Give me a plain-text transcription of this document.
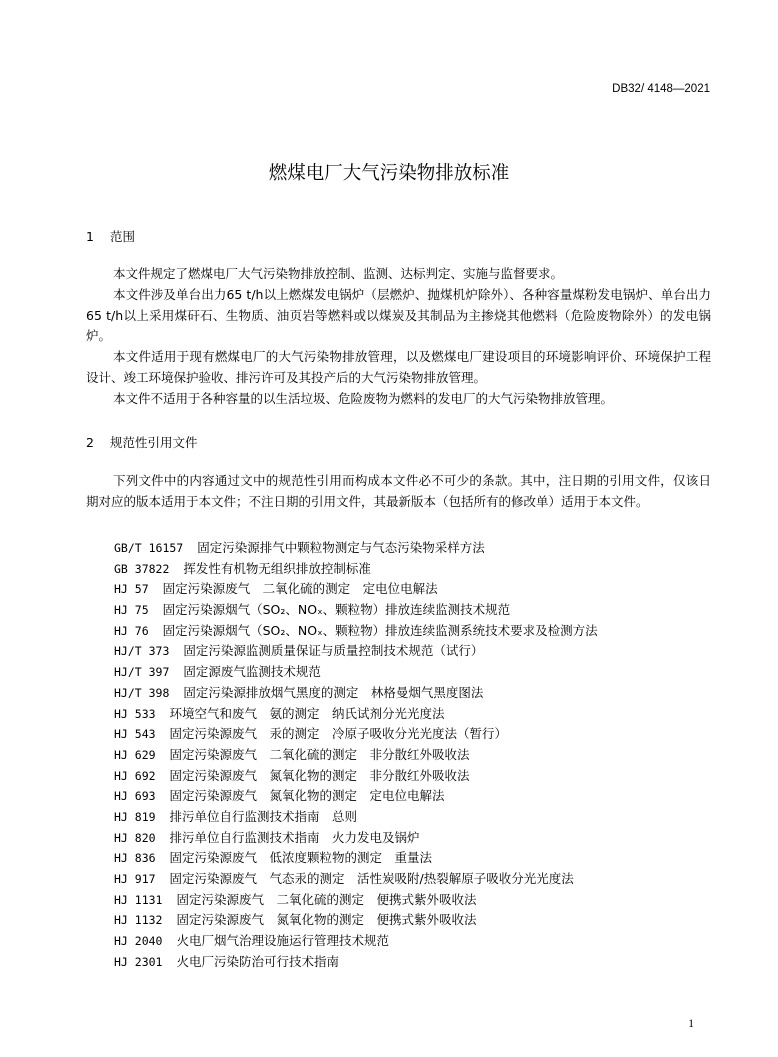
DB32/ 4148—2021
燃煤电厂大气污染物排放标准
1 范围

本文件规定了燃煤电厂大气污染物排放控制、监测、达标判定、实施与监督要求。

本文件涉及单台出力65 t/h以上燃煤发电锅炉（层燃炉、抛煤机炉除外）、各种容量煤粉发电锅炉、单台出力65 t/h以上采用煤矸石、生物质、油页岩等燃料或以煤炭及其制品为主掺烧其他燃料（危险废物除外）的发电锅炉。

本文件适用于现有燃煤电厂的大气污染物排放管理，以及燃煤电厂建设项目的环境影响评价、环境保护工程设计、竣工环境保护验收、排污许可及其投产后的大气污染物排放管理。

本文件不适用于各种容量的以生活垃圾、危险废物为燃料的发电厂的大气污染物排放管理。

2 规范性引用文件

下列文件中的内容通过文中的规范性引用而构成本文件必不可少的条款。其中，注日期的引用文件，仅该日期对应的版本适用于本文件；不注日期的引用文件，其最新版本（包括所有的修改单）适用于本文件。

GB/T 16157 固定污染源排气中颗粒物测定与气态污染物采样方法
GB 37822 挥发性有机物无组织排放控制标准
HJ 57 固定污染源废气　二氧化硫的测定　定电位电解法
HJ 75 固定污染源烟气（SO₂、NOₓ、颗粒物）排放连续监测技术规范
HJ 76 固定污染源烟气（SO₂、NOₓ、颗粒物）排放连续监测系统技术要求及检测方法
HJ/T 373 固定污染源监测质量保证与质量控制技术规范（试行）
HJ/T 397 固定源废气监测技术规范
HJ/T 398 固定污染源排放烟气黑度的测定　林格曼烟气黑度图法
HJ 533 环境空气和废气　氨的测定　纳氏试剂分光光度法
HJ 543 固定污染源废气　汞的测定　冷原子吸收分光光度法（暂行）
HJ 629 固定污染源废气　二氧化硫的测定　非分散红外吸收法
HJ 692 固定污染源废气　氮氧化物的测定　非分散红外吸收法
HJ 693 固定污染源废气　氮氧化物的测定　定电位电解法
HJ 819 排污单位自行监测技术指南　总则
HJ 820 排污单位自行监测技术指南　火力发电及锅炉
HJ 836 固定污染源废气　低浓度颗粒物的测定　重量法
HJ 917 固定污染源废气　气态汞的测定　活性炭吸附/热裂解原子吸收分光光度法
HJ 1131 固定污染源废气　二氧化硫的测定　便携式紫外吸收法
HJ 1132 固定污染源废气　氮氧化物的测定　便携式紫外吸收法
HJ 2040 火电厂烟气治理设施运行管理技术规范
HJ 2301 火电厂污染防治可行技术指南
1
